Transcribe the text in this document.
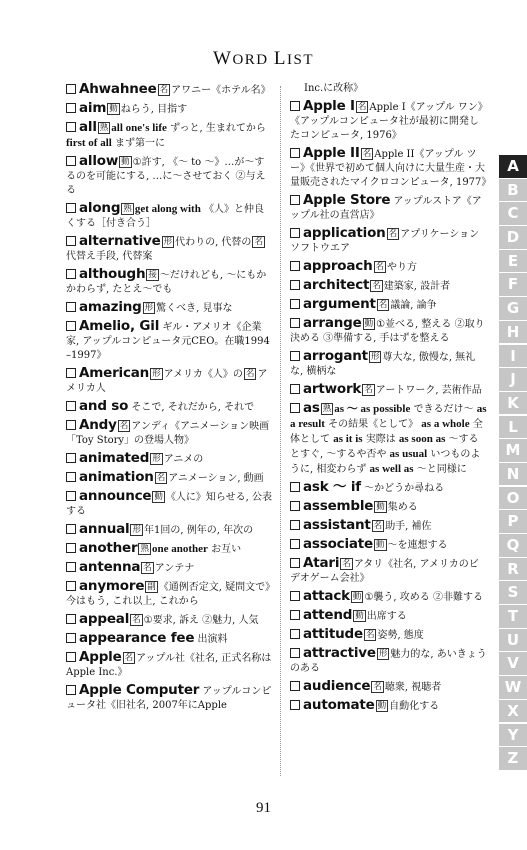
WORD LIST
Ahwahnee 名 アワニー《ホテル名》
aim 動 ねらう, 目指す
all 熟 all one's life ずっと, 生まれてから first of all まず第一に
allow 動 ①許す, 《～ to ～》…が～するのを可能にする, …に～させておく ②与える
along 熟 get along with 《人》と仲良くする［付き合う］
alternative 形 代わりの, 代替の 名代替え手段, 代替案
although 接 ～だけれども, ～にもかかわらず, たとえ～でも
amazing 形 驚くべき, 見事な
Amelio, Gil ギル・アメリオ《企業家, アップルコンピュータ元CEO。在職1994–1997》
American 形 アメリカ《人》の 名 アメリカ人
and so そこで, それだから, それで
Andy 名 アンディ《アニメーション映画「Toy Story」の登場人物》
animated 形 アニメの
animation 名 アニメーション, 動画
announce 動 《人に》知らせる, 公表する
annual 形 年1回の, 例年の, 年次の
another 熟 one another お互い
antenna 名 アンテナ
anymore 副 《通例否定文, 疑問文で》今はもう, これ以上, これから
appeal 名 ①要求, 訴え ②魅力, 人気
appearance fee 出演料
Apple 名 アップル社《社名, 正式名称はApple Inc.》
Apple Computer アップルコンピュータ社《旧社名, 2007年にApple
Inc.に改称》
Apple I 名 Apple I《アップル ワン》《アップルコンピュータ社が最初に開発したコンピュータ, 1976》
Apple II 名 Apple II《アップル ツー》《世界で初めて個人向けに大量生産・大量販売されたマイクロコンピュータ, 1977》
Apple Store アップルストア《アップル社の直営店》
application 名 アプリケーションソフトウエア
approach 名 やり方
architect 名 建築家, 設計者
argument 名 議論, 論争
arrange 動 ①並べる, 整える ②取り決める ③準備する, 手はずを整える
arrogant 形 尊大な, 傲慢な, 無礼な, 横柄な
artwork 名 アートワーク, 芸術作品
as 熟 as ～ as possible できるだけ～ as a result その結果《として》 as a whole 全体として as it is 実際は as soon as ～するとすぐ, ～するや否や as usual いつものように, 相変わらず as well as ～と同様に
ask ～ if ～かどうか尋ねる
assemble 動 集める
assistant 名 助手, 補佐
associate 動 ～を連想する
Atari 名 アタリ《社名, アメリカのビデオゲーム会社》
attack 動 ①襲う, 攻める ②非難する
attend 動 出席する
attitude 名 姿勢, 態度
attractive 形 魅力的な, あいきょうのある
audience 名 聴衆, 視聴者
automate 動 自動化する
A
B
C
D
E
F
G
H
I
J
K
L
M
N
O
P
Q
R
S
T
U
V
W
X
Y
Z
91
